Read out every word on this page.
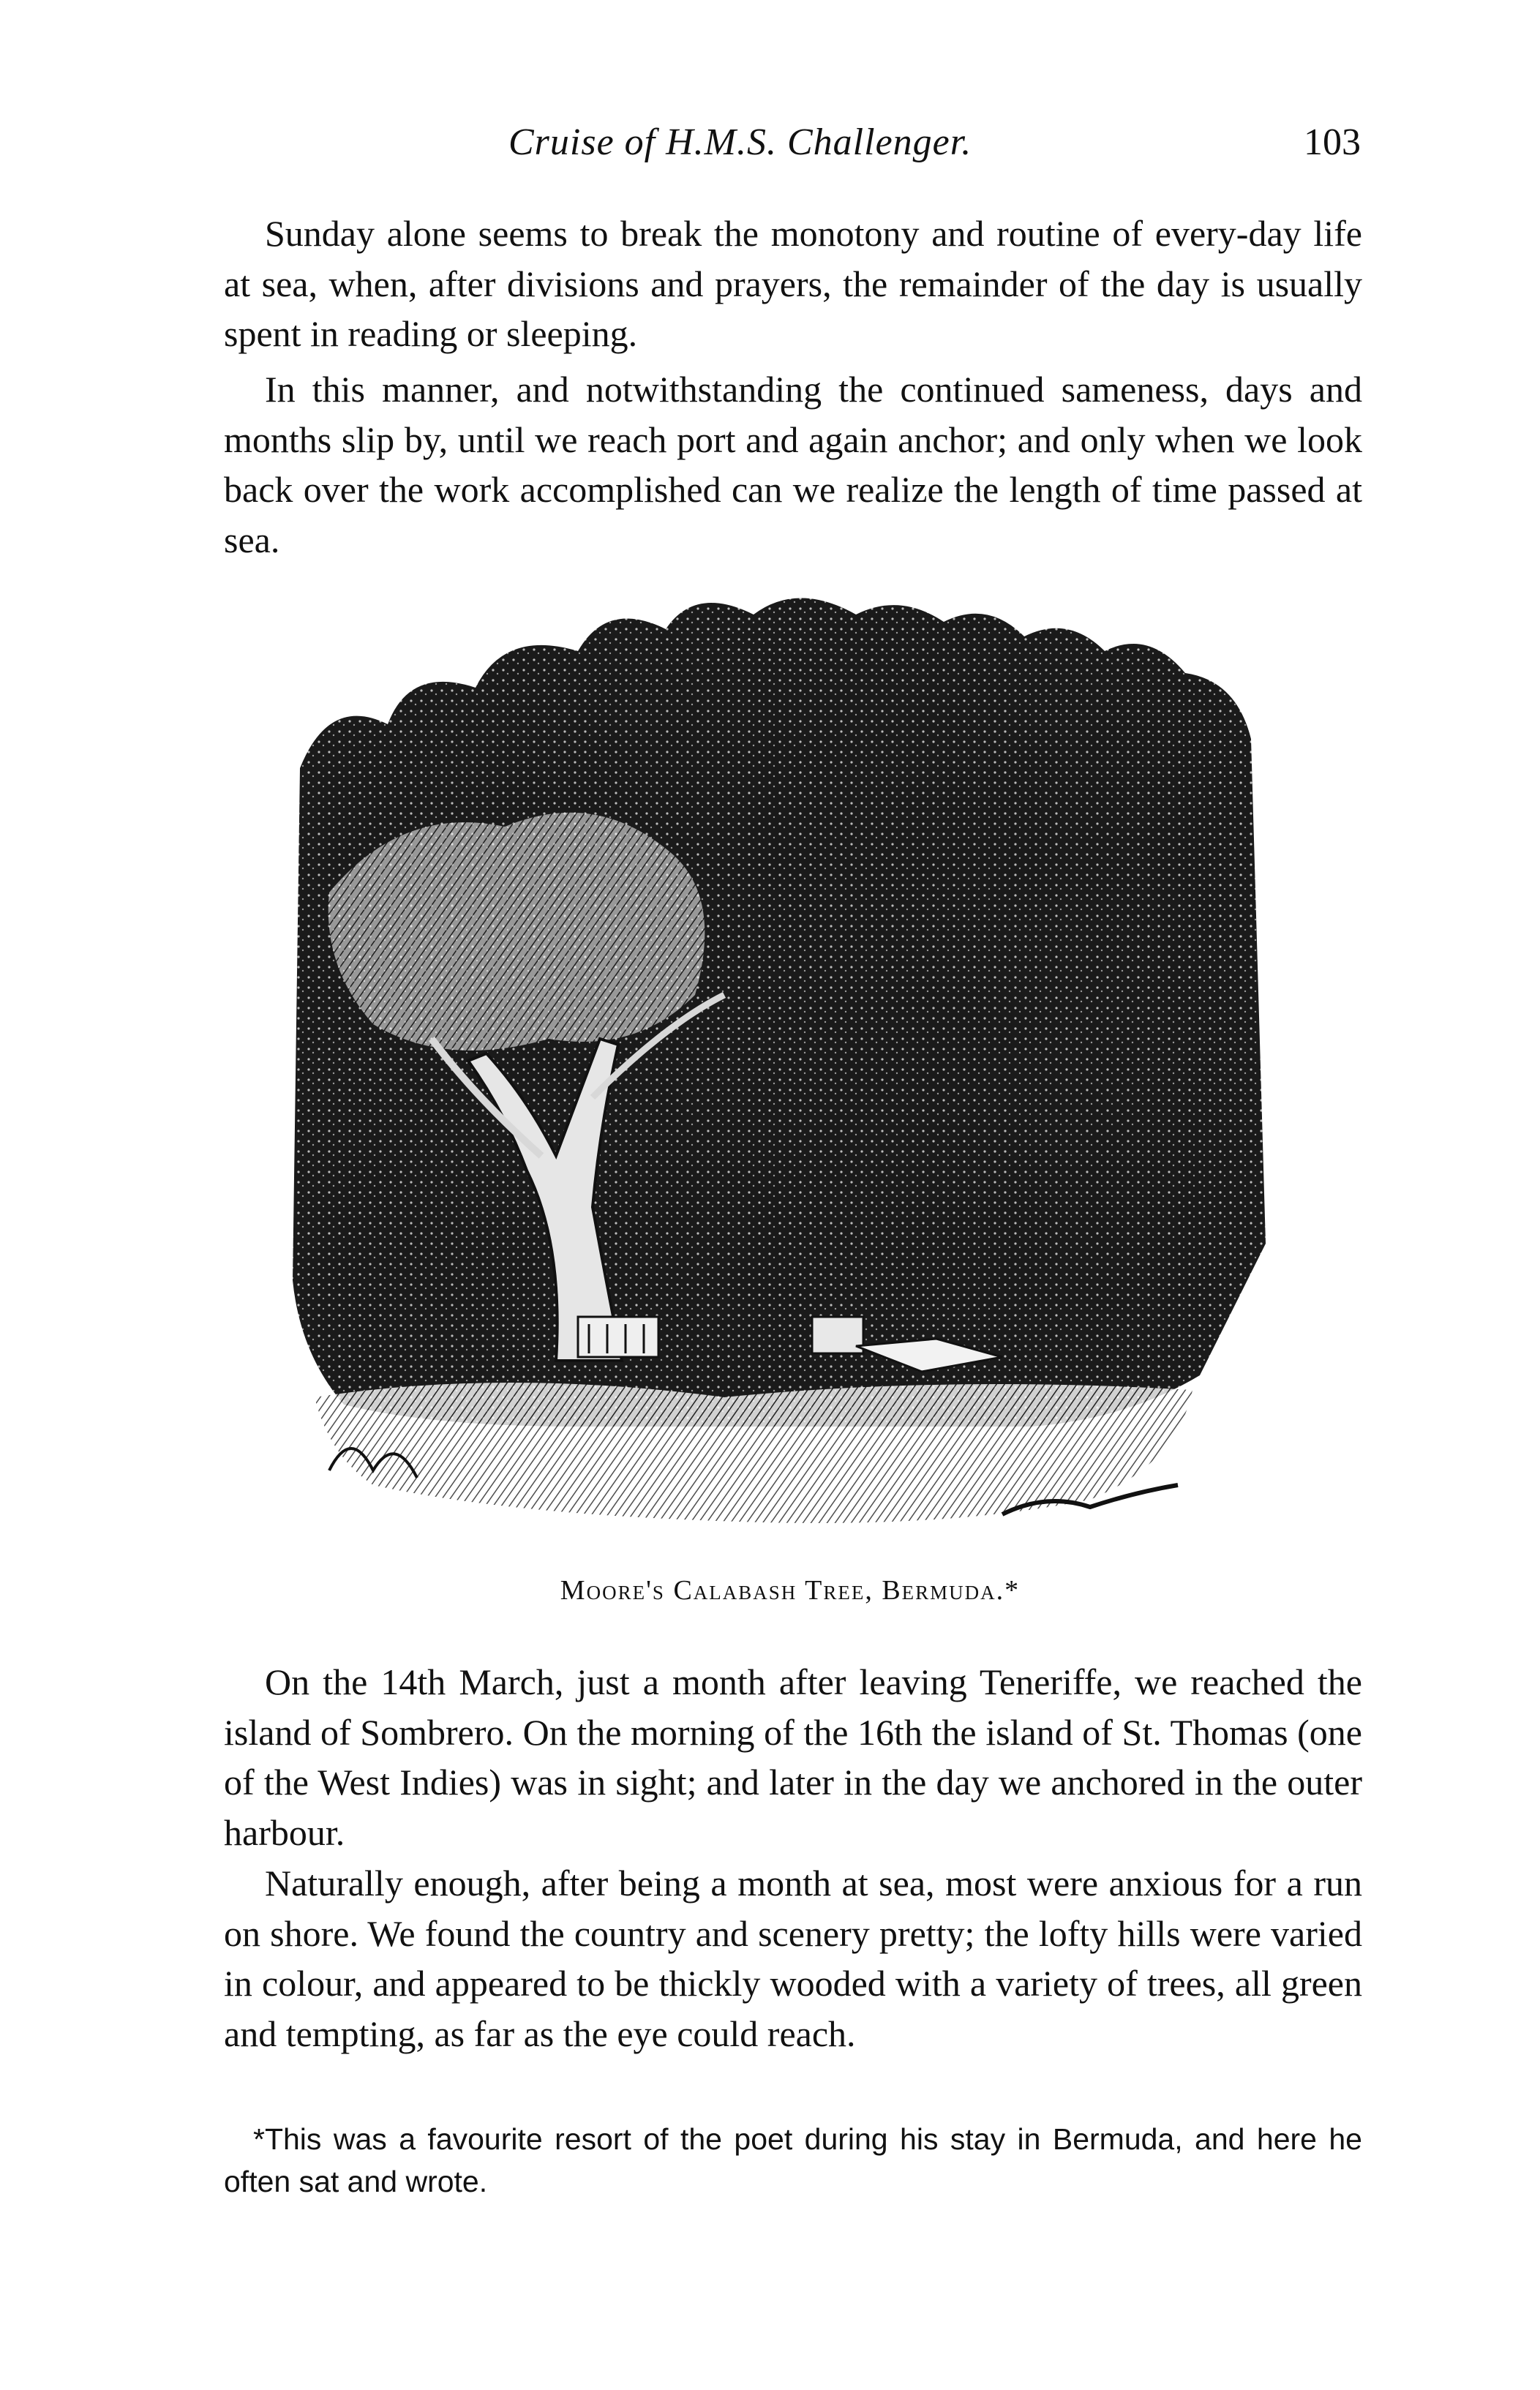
Cruise of H.M.S. Challenger.	103

Sunday alone seems to break the monotony and routine of every-day life at sea, when, after divisions and prayers, the remainder of the day is usually spent in reading or sleeping.

In this manner, and notwithstanding the continued sameness, days and months slip by, until we reach port and again anchor; and only when we look back over the work accomplished can we realize the length of time passed at sea.

Moore's Calabash Tree, Bermuda.*

On the 14th March, just a month after leaving Teneriffe, we reached the island of Sombrero. On the morning of the 16th the island of St. Thomas (one of the West Indies) was in sight; and later in the day we anchored in the outer harbour.

Naturally enough, after being a month at sea, most were anxious for a run on shore. We found the country and scenery pretty; the lofty hills were varied in colour, and appeared to be thickly wooded with a variety of trees, all green and tempting, as far as the eye could reach.

*This was a favourite resort of the poet during his stay in Bermuda, and here he often sat and wrote.
